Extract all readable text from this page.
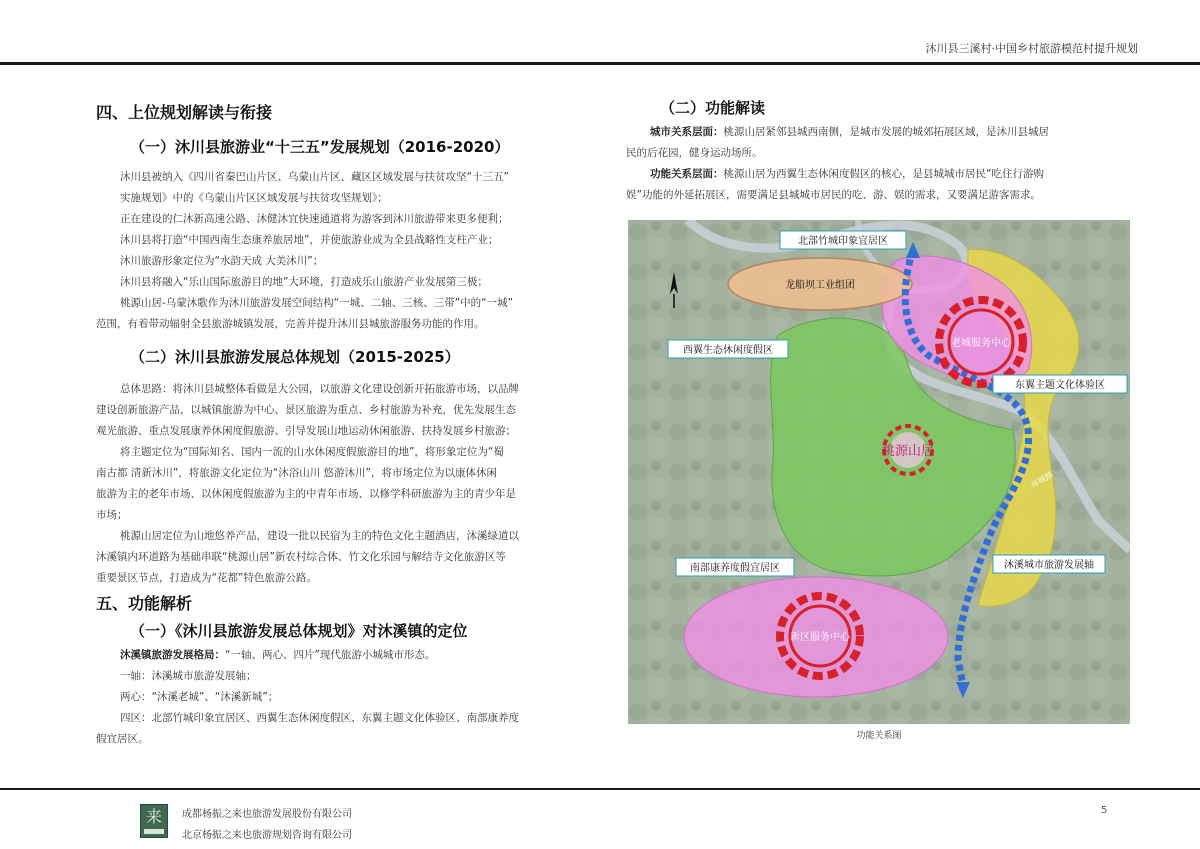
沐川县三溪村·中国乡村旅游模范村提升规划
四、上位规划解读与衔接
（一）沐川县旅游业“十三五”发展规划（2016-2020）

沐川县被纳入《四川省秦巴山片区、乌蒙山片区、藏区区域发展与扶贫攻坚“十三五”

实施规划》中的《乌蒙山片区区域发展与扶贫攻坚规划》；

正在建设的仁沐新高速公路、沐健沐宜快速通道将为游客到沐川旅游带来更多便利；

沐川县将打造“中国西南生态康养旅居地”，并使旅游业成为全县战略性支柱产业；

沐川旅游形象定位为“水韵天成 大美沐川”；

沐川县将融入“乐山国际旅游目的地”大环境，打造成乐山旅游产业发展第三极；

桃源山居-乌蒙沐歌作为沐川旅游发展空间结构“一城、二轴、三核、三带”中的“一城”

范围，有着带动辐射全县旅游城镇发展，完善并提升沐川县城旅游服务功能的作用。

（二）沐川县旅游发展总体规划（2015-2025）

总体思路：将沐川县城整体看做是大公园，以旅游文化建设创新开拓旅游市场，以品牌

建设创新旅游产品，以城镇旅游为中心、景区旅游为重点、乡村旅游为补充，优先发展生态

观光旅游、重点发展康养休闲度假旅游、引导发展山地运动休闲旅游、扶持发展乡村旅游；

将主题定位为“国际知名、国内一流的山水休闲度假旅游目的地”，将形象定位为“蜀

南古都 清新沐川”，将旅游文化定位为“沐浴山川 悠游沐川”，将市场定位为以康体休闲

旅游为主的老年市场、以休闲度假旅游为主的中青年市场、以修学科研旅游为主的青少年是

市场；

桃源山居定位为山地悠养产品，建设一批以民宿为主的特色文化主题酒店，沐溪绿道以

沐溪镇内环道路为基础串联“桃源山居”新农村综合体、竹文化乐园与解结寺文化旅游区等

重要景区节点，打造成为“花都”特色旅游公路。

五、功能解析
（一）《沐川县旅游发展总体规划》对沐溪镇的定位

沐溪镇旅游发展格局：“一轴、两心、四片”现代旅游小城城市形态。

一轴：沐溪城市旅游发展轴；

两心：“沐溪老城”、“沐溪新城”；

四区：北部竹城印象宜居区、西翼生态休闲度假区、东翼主题文化体验区、南部康养度

假宜居区。

（二）功能解读

城市关系层面：桃源山居紧邻县城西南侧，是城市发展的城郊拓展区域，是沐川县城居

民的后花园，健身运动场所。

功能关系层面：桃源山居为西翼生态休闲度假区的核心，是县城城市居民“吃住行游购

娱”功能的外延拓展区，需要满足县城城市居民的吃、游、娱的需求，又要满足游客需求。

北部竹城印象宜居区
龙船坝工业组团
西翼生态休闲度假区
老城服务中心
东翼主题文化体验区
桃源山居
环城路
南部康养度假宜居区	沐溪城市旅游发展轴
新区服务中心
功能关系图
来	成都杨振之来也旅游发展股份有限公司
北京杨振之来也旅游规划咨询有限公司
5
